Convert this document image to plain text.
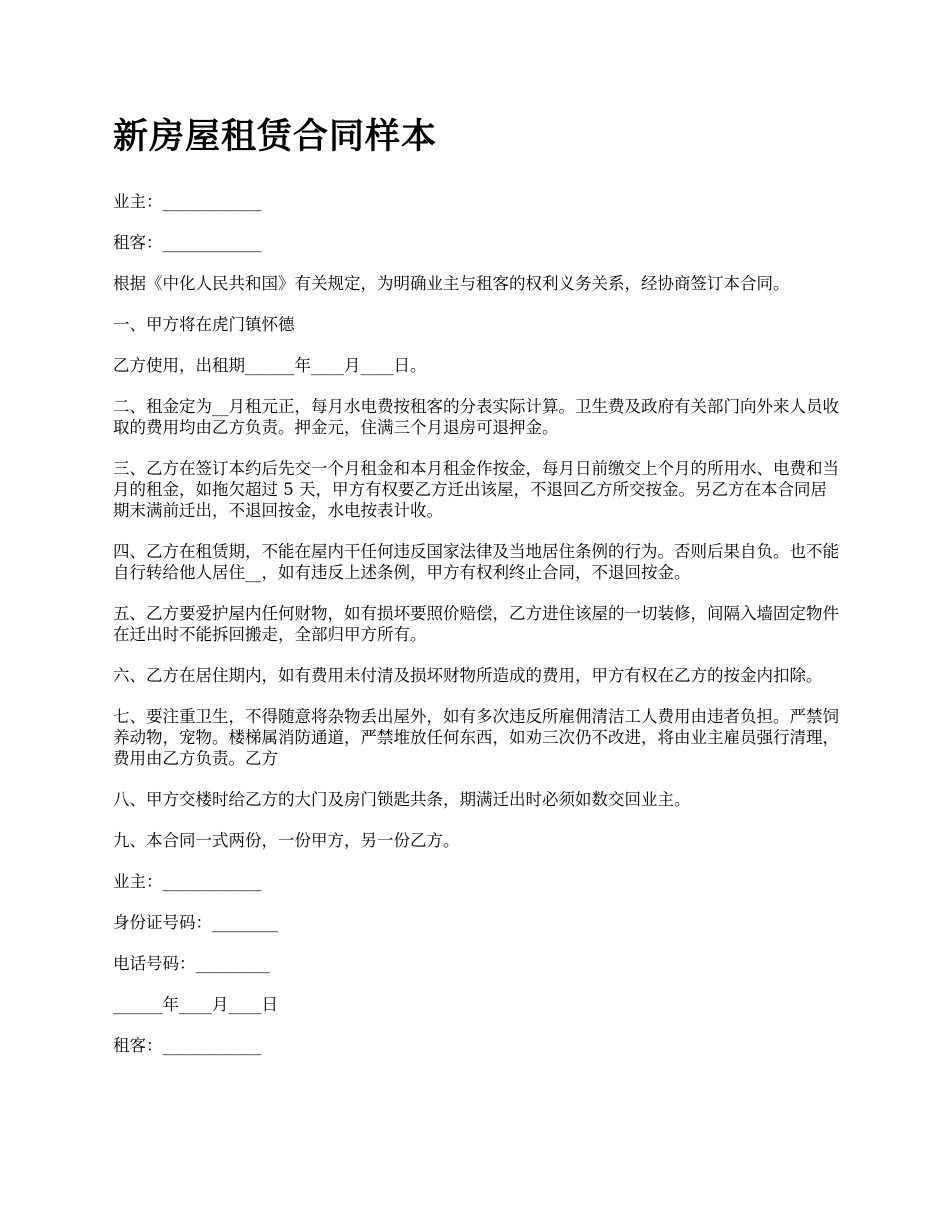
新房屋租赁合同样本

业主：____________

租客：____________

根据《中化人民共和国》有关规定，为明确业主与租客的权利义务关系，经协商签订本合同。

一、甲方将在虎门镇怀德

乙方使用，出租期______年____月____日。

二、租金定为__月租元正，每月水电费按租客的分表实际计算。卫生费及政府有关部门向外来人员收取的费用均由乙方负责。押金元，住满三个月退房可退押金。

三、乙方在签订本约后先交一个月租金和本月租金作按金，每月日前缴交上个月的所用水、电费和当月的租金，如拖欠超过 5 天，甲方有权要乙方迁出该屋，不退回乙方所交按金。另乙方在本合同居期末满前迁出，不退回按金，水电按表计收。

四、乙方在租赁期，不能在屋内干任何违反国家法律及当地居住条例的行为。否则后果自负。也不能自行转给他人居住__，如有违反上述条例，甲方有权利终止合同，不退回按金。

五、乙方要爱护屋内任何财物，如有损坏要照价赔偿，乙方进住该屋的一切装修，间隔入墙固定物件在迁出时不能拆回搬走，全部归甲方所有。

六、乙方在居住期内，如有费用未付清及损坏财物所造成的费用，甲方有权在乙方的按金内扣除。

七、要注重卫生，不得随意将杂物丢出屋外，如有多次违反所雇佣清洁工人费用由违者负担。严禁饲养动物，宠物。楼梯属消防通道，严禁堆放任何东西，如劝三次仍不改进，将由业主雇员强行清理，费用由乙方负责。乙方

八、甲方交楼时给乙方的大门及房门锁匙共条，期满迁出时必须如数交回业主。

九、本合同一式两份，一份甲方，另一份乙方。

业主：____________

身份证号码：________

电话号码：_________

______年____月____日

租客：____________
